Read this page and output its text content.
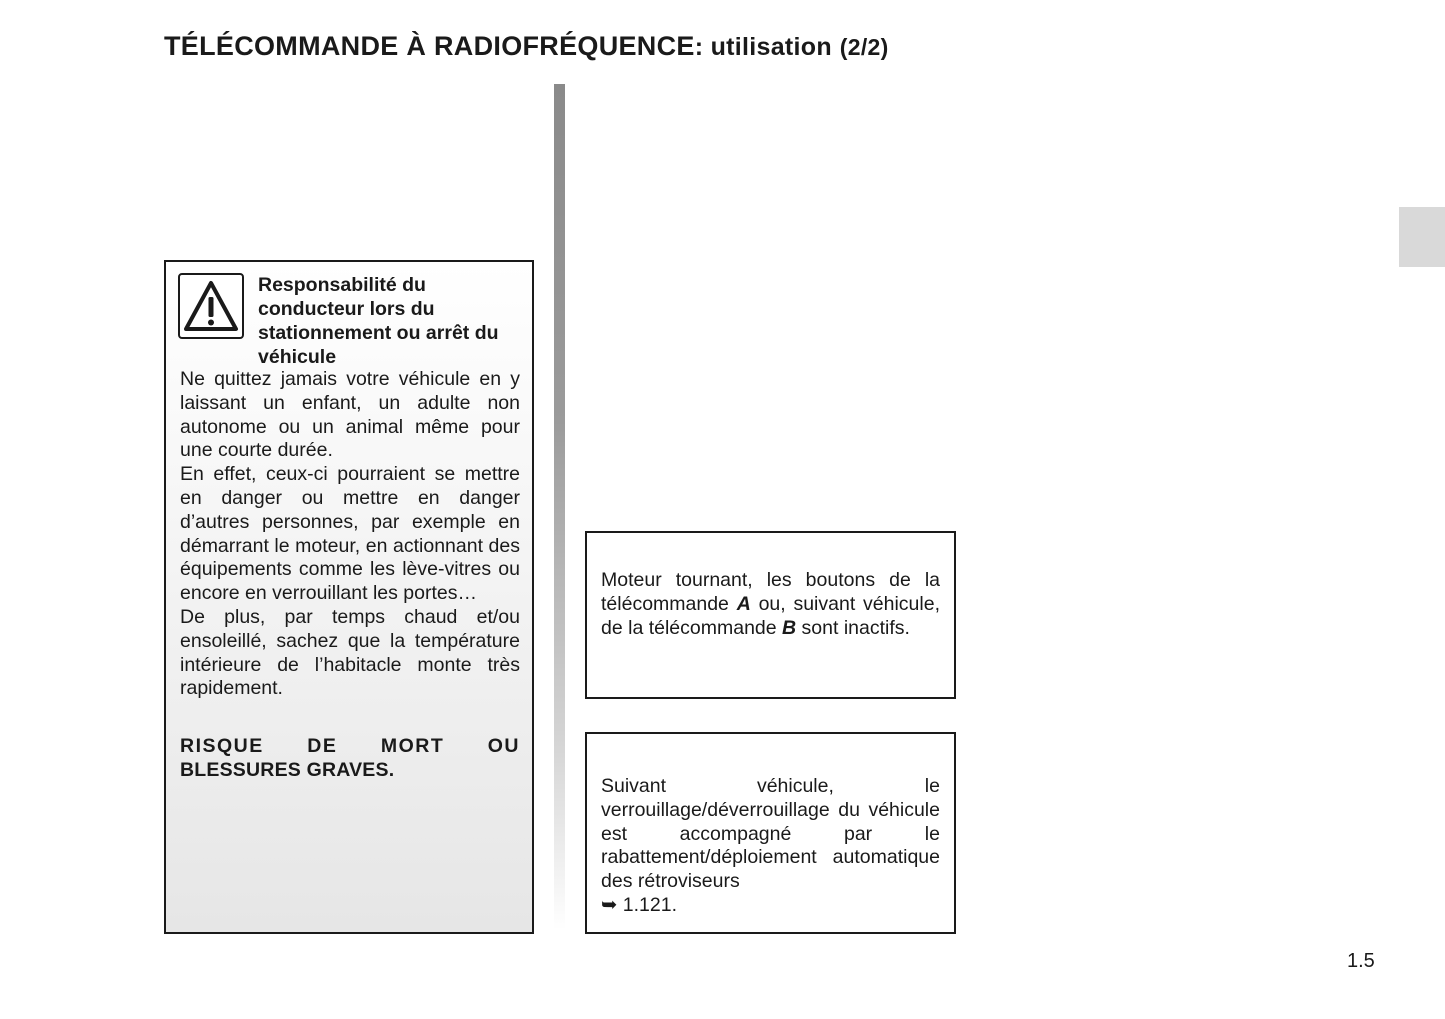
TÉLÉCOMMANDE À RADIOFRÉQUENCE: utilisation (2/2)
Responsabilité du conducteur lors du stationnement ou arrêt du véhicule

Ne quittez jamais votre véhicule en y laissant un enfant, un adulte non autonome ou un animal même pour une courte durée.

En effet, ceux-ci pourraient se mettre en danger ou mettre en danger d’autres personnes, par exemple en démarrant le moteur, en actionnant des équipements comme les lève-vitres ou encore en verrouillant les portes…

De plus, par temps chaud et/ou ensoleillé, sachez que la température intérieure de l’habitacle monte très rapidement.

RISQUE DE MORT OU
BLESSURES GRAVES.

Moteur tournant, les boutons de la télécommande A ou, suivant véhicule, de la télécommande B sont inactifs.

Suivant véhicule, le verrouillage/déverrouillage du véhicule est accompagné par le rabattement/déploiement automatique des rétroviseurs
➥ 1.121.

1.5
